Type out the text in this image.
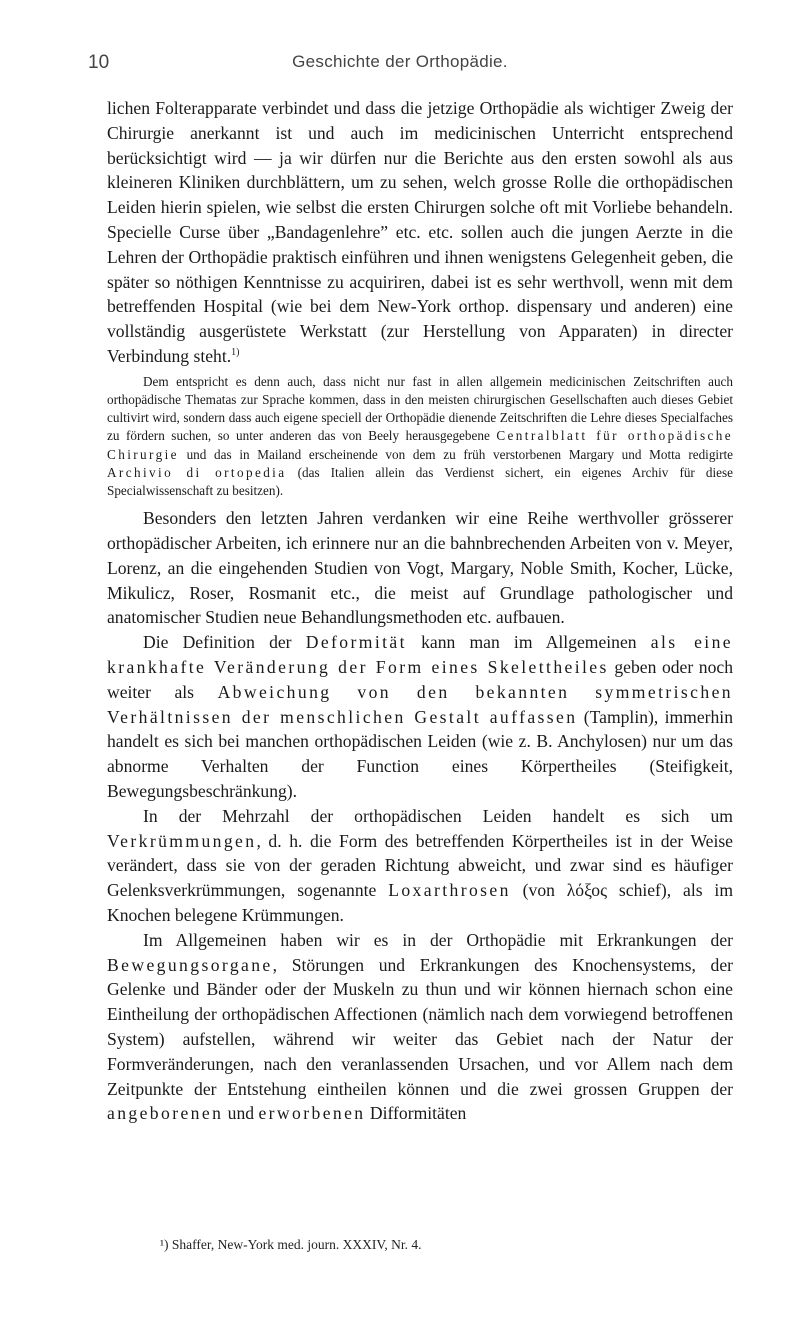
10	Geschichte der Orthopädie.

lichen Folterapparate verbindet und dass die jetzige Orthopädie als wichtiger Zweig der Chirurgie anerkannt ist und auch im medicinischen Unterricht entsprechend berücksichtigt wird — ja wir dürfen nur die Berichte aus den ersten sowohl als aus kleineren Kliniken durchblättern, um zu sehen, welch grosse Rolle die orthopädischen Leiden hierin spielen, wie selbst die ersten Chirurgen solche oft mit Vorliebe behandeln. Specielle Curse über „Bandagenlehre” etc. etc. sollen auch die jungen Aerzte in die Lehren der Orthopädie praktisch einführen und ihnen wenigstens Gelegenheit geben, die später so nöthigen Kenntnisse zu acquiriren, dabei ist es sehr werthvoll, wenn mit dem betreffenden Hospital (wie bei dem New-York orthop. dispensary und anderen) eine vollständig ausgerüstete Werkstatt (zur Herstellung von Apparaten) in directer Verbindung steht.$^{1)}$

Dem entspricht es denn auch, dass nicht nur fast in allen allgemein medicinischen Zeitschriften auch orthopädische Thematas zur Sprache kommen, dass in den meisten chirurgischen Gesellschaften auch dieses Gebiet cultivirt wird, sondern dass auch eigene speciell der Orthopädie dienende Zeitschriften die Lehre dieses Specialfaches zu fördern suchen, so unter anderen das von Beely herausgegebene Centralblatt für orthopädische Chirurgie und das in Mailand erscheinende von dem zu früh verstorbenen Margary und Motta redigirte Archivio di ortopedia (das Italien allein das Verdienst sichert, ein eigenes Archiv für diese Specialwissenschaft zu besitzen).

Besonders den letzten Jahren verdanken wir eine Reihe werthvoller grösserer orthopädischer Arbeiten, ich erinnere nur an die bahnbrechenden Arbeiten von v. Meyer, Lorenz, an die eingehenden Studien von Vogt, Margary, Noble Smith, Kocher, Lücke, Mikulicz, Roser, Rosmanit etc., die meist auf Grundlage pathologischer und anatomischer Studien neue Behandlungsmethoden etc. aufbauen.

Die Definition der Deformität kann man im Allgemeinen als eine krankhafte Veränderung der Form eines Skelettheiles geben oder noch weiter als Abweichung von den bekannten symmetrischen Verhältnissen der menschlichen Gestalt auffassen (Tamplin), immerhin handelt es sich bei manchen orthopädischen Leiden (wie z. B. Anchylosen) nur um das abnorme Verhalten der Function eines Körpertheiles (Steifigkeit, Bewegungsbeschränkung).

In der Mehrzahl der orthopädischen Leiden handelt es sich um Verkrümmungen, d. h. die Form des betreffenden Körpertheiles ist in der Weise verändert, dass sie von der geraden Richtung abweicht, und zwar sind es häufiger Gelenksverkrümmungen, sogenannte Loxarthrosen (von λόξος schief), als im Knochen belegene Krümmungen.

Im Allgemeinen haben wir es in der Orthopädie mit Erkrankungen der Bewegungsorgane, Störungen und Erkrankungen des Knochensystems, der Gelenke und Bänder oder der Muskeln zu thun und wir können hiernach schon eine Eintheilung der orthopädischen Affectionen (nämlich nach dem vorwiegend betroffenen System) aufstellen, während wir weiter das Gebiet nach der Natur der Formveränderungen, nach den veranlassenden Ursachen, und vor Allem nach dem Zeitpunkte der Entstehung eintheilen können und die zwei grossen Gruppen der angeborenen und erworbenen Difformitäten

¹) Shaffer, New-York med. journ. XXXIV, Nr. 4.
